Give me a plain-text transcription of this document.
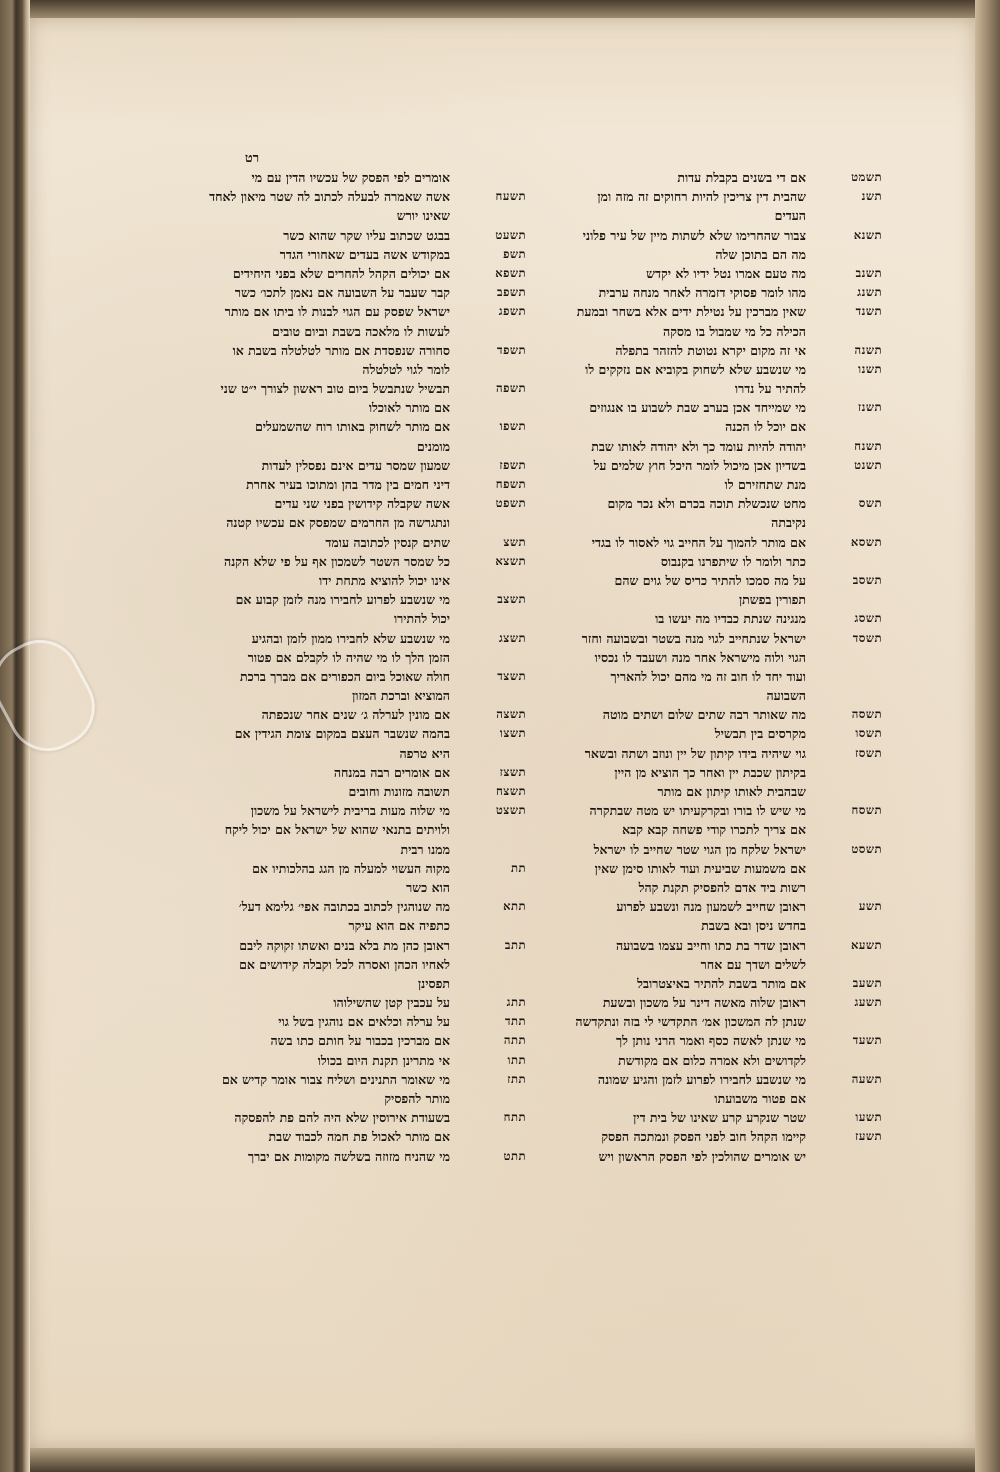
רט
תשמט
אם די בשנים בקבלת עדות
תשנ
שהבית דין צריכין להיות רחוקים זה מזה ומן
העדים
תשנא
צבור שהחרימו שלא לשתות מיין של עיר פלוני
מה הם בתוכן שלה
תשנב
מה טעם אמרו נטל ידיו לא יקדש
תשנג
מהו לומר פסוקי דזמרה לאחר מנחה ערבית
תשנד
שאין מברכין על נטילת ידים אלא בשחר ובמעת
הכילה כל מי שמבול בו מסקה
תשנה
אי זה מקום יקרא נטוטת להזהר בתפלה
תשנו
מי שנשבע שלא לשחוק בקוביא אם נזקקים לו
להתיר על נדרו
תשנז
מי שמייחד אכן בערב שבת לשבוע בו אנגוזים
אם יוכל לו הכנה
תשנח
יהודה להיות עומד כך ולא יהודה לאותו שבת
תשנט
בשדיון אכן מיכול לומר היכל חוץ שלמים על
מנת שתחזירם לו
תשס
מחט שנכשלת תוכה בכרם ולא נכר מקום
נקיבתה
תשסא
אם מותר להמוך על החייב גוי לאסור לו בגדי
כתר ולומר לו שיתפרנו בקנבוס
תשסב
על מה סמכו להתיר כריס של גוים שהם
תפורין בפשתן
תשסג
מנגינה שנתת כבדיו מה יעשו בו
תשסד
ישראל שנתחייב לגוי מנה בשטר ובשבועה וחזר
הגוי ולוה מישראל אחר מנה ושעבד לו נכסיו
ועוד יחד לו חוב זה מי מהם יכול להאריך
השבועה
תשסה
מה שאותר רבה שתים שלום ושתים מוטה
תשסו
מקרסים בין תבשיל
תשסז
גוי שיהיה בידו קיתון של יין ונוזב ושתה ובשאר
בקיתון שכבת יין ואחר כך הוציא מן היין
שבהבית לאותו קיתון אם מותר
תשסח
מי שיש לו בורו ובקרקעיתו יש מטה שבתקרה
אם צריך לתכרו קודי פשחה קבא קבא
תשסט
ישראל שלקח מן הגוי שטר שחייב לו ישראל
אם משמעות שביעית ועוד לאותו סימן שאין
רשות ביד אדם להפסיק תקנת קהל
תשע
ראובן שחייב לשמעון מנה ונשבע לפרוע
בחדש ניסן ובא בשבת
תשעא
ראובן שדר בת כתו וחייב עצמו בשבועה
לשלים ושדך עם אחר
תשעב
אם מותר בשבת להתיר באיצטרובל
תשעג
ראובן שלוה מאשה דינר על משכון ובשעת
שנתן לה המשכון אמ׳ התקדשי לי בזה ונתקדשה
תשעד
מי שנתן לאשה כסף ואמר הרני נותן לך
לקדושים ולא אמרה כלום אם מקודשת
תשעה
מי שנשבע לחבירו לפרוע לזמן והגיע שמונה
אם פטור משבועתו
תשעו
שטר שנקרע קרע שאינו של בית דין
תשעז
קיימו הקהל חוב לפני הפסק ונמתכה הפסק
יש אומרים שהולכין לפי הפסק הראשון ויש
אומרים לפי הפסק של עכשיו הדין עם מי
תשעח
אשה שאמרה לבעלה לכתוב לה שטר מיאון לאחד
שאינו יורש
תשעט
בבגט שכתוב עליו שקר שהוא כשר
תשפ
במקודש אשה בעדים שאחורי הגדר
תשפא
אם יכולים הקהל להחרים שלא בפני היחידים
תשפב
קבר שעבר על השבועה אם נאמן לתכו׳ כשר
תשפג
ישראל שפסק עם הגוי לבנות לו ביתו אם מותר
לעשות לו מלאכה בשבת וביום טובים
תשפד
סחורה שנפסדת אם מותר לטלטלה בשבת או
לומר לגוי לטלטלה
תשפה
תבשיל שנתבשל ביום טוב ראשון לצורך י״ט שני
אם מותר לאוכלו
תשפו
אם מותר לשחוק באותו רוח שהשמעלים
מומנים
תשפז
שמעון שמסר עדים אינם נפסלין לעדות
תשפח
דיני חמים בין מדר בהן ומתוכו בעיר אחרת
תשפט
אשה שקבלה קידושין בפני שני עדים
ונתגרשה מן החרמים שמפסק אם עכשיו קטנה
תשצ
שתים קנסין לכתובה עומד
תשצא
כל שמסר השטר לשמכון אף על פי שלא הקנה
אינו יכול להוציא מתחת ידו
תשצב
מי שנשבע לפרוע לחבירו מנה לזמן קבוע אם
יכול להתירו
תשצג
מי שנשבע שלא לחבירו ממון לזמן ובהגיע
הזמן הלך לו מי שהיה לו לקבלם אם פטור
תשצד
חולה שאוכל ביום הכפורים אם מברך ברכת
המוציא וברכת המזון
תשצה
אם מונין לערלה ג׳ שנים אחר שנכפתה
תשצו
בהמה שנשבר העצם במקום צומת הגידין אם
היא טרפה
תשצז
אם אומרים רבה במנחה
תשצח
תשובה מזונות וחובים
תשצט
מי שלוה מעות בריבית לישראל על משכון
ולויתים בתנאי שהוא של ישראל אם יכול ליקח
ממנו רבית
תת
מקוה העשוי למעלה מן הגג בהלכותיו אם
הוא כשר
תתא
מה שנוהגין לכתוב בכתובה אפי׳ גלימא דעל׳
כתפיה אם הוא עיקר
תתב
ראובן כהן מת בלא בנים ואשתו זקוקה ליבם
לאחיו הכהן ואסרה לכל וקבלה קידושים אם
תפסינן
תתג
על עכבין קטן שהשילוהו
תתד
על ערלה וכלאים אם נוהגין בשל גוי
תתה
אם מברכין בכבור על חותם כתו בשה
תתו
אי מתרינן תקנת היום בכולו
תתז
מי שאומר התנינים ושליח צבור אומר קדיש אם
מותר להפסיק
תתח
בשעודת אירוסין שלא היה להם פת להפסקה
אם מותר לאכול פת חמה לכבוד שבת
תתט
מי שהניח מזוזה בשלשה מקומות אם יברך
